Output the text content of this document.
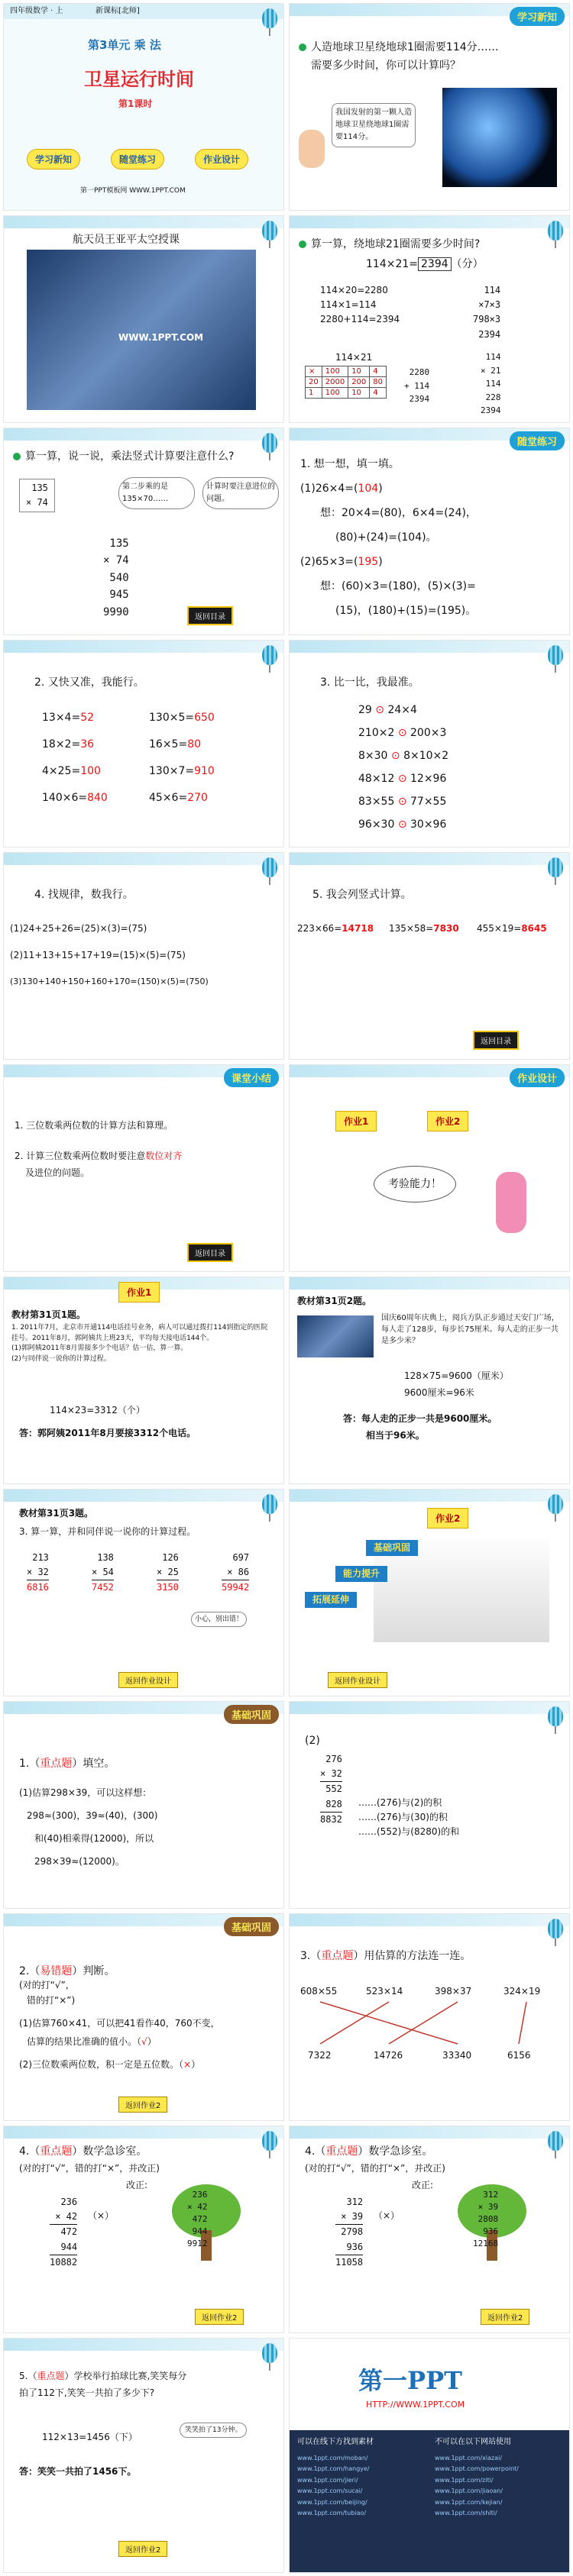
四年级数学 · 上	新课标[北师]
第3单元 乘 法
卫星运行时间
第1课时
学习新知	随堂练习	作业设计
第一PPT模板网 WWW.1PPT.COM
学习新知
人造地球卫星绕地球1圈需要114分……
需要多少时间，你可以计算吗？
我国发射的第一颗人造地球卫星绕地球1圈需要114分。
航天员王亚平太空授课
WWW.1PPT.COM
算一算，绕地球21圈需要多少时间?
114×21= 2394 （分）
114×20=2280
114×1=114
2280+114=2394
114
×7×3
798×3
2394
114×21
×	100	10	4
20	2000	200	80
1	100	10	4
2280
+ 114
2394
114
× 21
114
228
2394
算一算，说一说，乘法竖式计算要注意什么?
135
× 74
第二步乘的是135×70……
计算时要注意进位的问题。
135
× 74
540
945
9990	返回目录
随堂练习
1. 想一想，填一填。
(1)26×4=(104)
想：20×4=(80)，6×4=(24)，
(80)+(24)=(104)。
(2)65×3=(195)
想：(60)×3=(180)，(5)×(3)=
(15)，(180)+(15)=(195)。
2. 又快又准，我能行。
13×4=52	130×5=650
18×2=36	16×5=80
4×25=100	130×7=910
140×6=840	45×6=270
3. 比一比，我最准。
29 ⊙ 24×4
210×2 ⊙ 200×3
8×30 ⊙ 8×10×2
48×12 ⊙ 12×96
83×55 ⊙ 77×55
96×30 ⊙ 30×96
4. 找规律，数我行。
(1)24+25+26=(25)×(3)=(75)
(2)11+13+15+17+19=(15)×(5)=(75)
(3)130+140+150+160+170=(150)×(5)=(750)
5. 我会列竖式计算。
223×66=14718 135×58=7830 455×19=8645
返回目录
课堂小结
1. 三位数乘两位数的计算方法和算理。
2. 计算三位数乘两位数时要注意数位对齐
及进位的问题。
返回目录
作业设计
作业1	作业2
考验能力！
作业1
教材第31页1题。
1. 2011年7月，北京市开通114电话挂号业务，病人可以通过拨打114到指定的医院挂号。2011年8月，郭阿姨共上班23天，平均每天接电话144个。
(1)郭阿姨2011年8月需接多少个电话？估一估，算一算。
(2)与同伴说一说你的计算过程。
114×23=3312（个）
答：郭阿姨2011年8月要接3312个电话。
教材第31页2题。
国庆60周年庆典上，阅兵方队正步通过天安门广场，每人走了128步，每步长75厘米。每人走的正步一共是多少米？
128×75=9600（厘米）
9600厘米=96米
答：每人走的正步一共是9600厘米。
相当于96米。
教材第31页3题。
3. 算一算，并和同伴说一说你的计算过程。
213
× 32
6816
138
× 54
7452
126
× 25
3150
697
× 86
59942
小心，别出错！
返回作业设计
作业2
基础巩固
能力提升
拓展延伸
返回作业设计
基础巩固
1.（重点题）填空。
(1)估算298×39，可以这样想：
298≈(300)，39≈(40)，(300)
和(40)相乘得(12000)，所以
298×39≈(12000)。
(2)
276
× 32
552
828
8832
……(276)与(2)的积
……(276)与(30)的积
……(552)与(8280)的和
基础巩固
2.（易错题）判断。
(对的打“√”，
错的打“×”)
(1)估算760×41，可以把41看作40，760不变，
估算的结果比准确的值小。（√）
(2)三位数乘两位数，积一定是五位数。（×）
返回作业2
3.（重点题）用估算的方法连一连。
608×55	523×14	398×37	324×19
7322	14726	33340	6156
4.（重点题）数学急诊室。
(对的打“√”，错的打“×”，并改正)
改正:
236
× 42
472
944
10882
（×）
236
× 42
472
944
9912
返回作业2
4.（重点题）数学急诊室。
(对的打“√”，错的打“×”，并改正)
改正:
312
× 39
2798
936
11058
（×）
312
× 39
2808
936
12168
返回作业2
5.（重点题）学校举行拍球比赛,笑笑每分
拍了112下,笑笑一共拍了多少下?
112×13=1456（下）
笑笑拍了13分钟。
答：笑笑一共拍了1456下。
返回作业2
第一PPT
HTTP://WWW.1PPT.COM
可以在线下方找到素材	不可以在以下网站使用
www.1ppt.com/moban/
www.1ppt.com/hangye/
www.1ppt.com/jieri/
www.1ppt.com/sucai/
www.1ppt.com/beijing/
www.1ppt.com/tubiao/
www.1ppt.com/xiazai/
www.1ppt.com/powerpoint/
www.1ppt.com/ziti/
www.1ppt.com/jiaoan/
www.1ppt.com/kejian/
www.1ppt.com/shiti/
